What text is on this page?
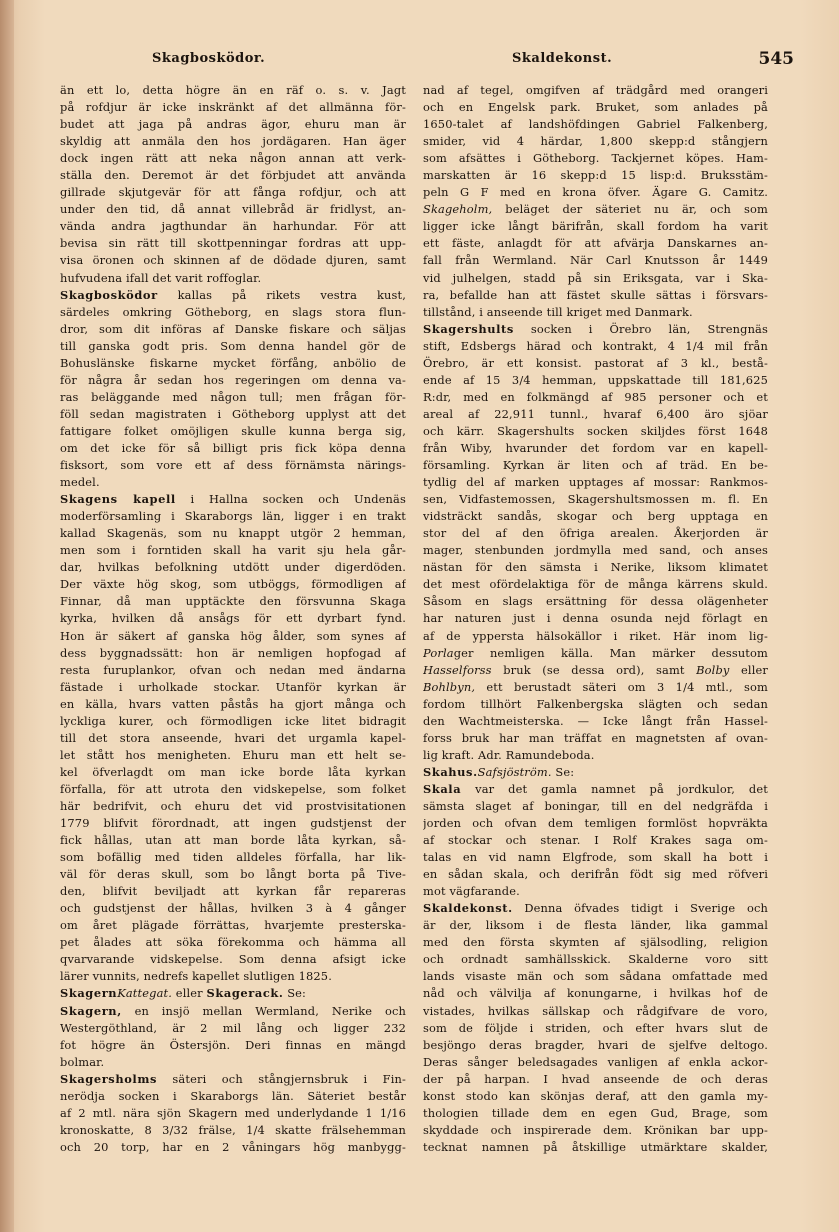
Skagbosködor.	Skaldekonst.	545
än ett lo, detta högre än en räf o. s. v. Jagt
på rofdjur är icke inskränkt af det allmänna för-
budet att jaga på andras ägor, ehuru man är
skyldig att anmäla den hos jordägaren. Han äger
dock ingen rätt att neka någon annan att verk-
ställa den. Deremot är det förbjudet att använda
gillrade skjutgevär för att fånga rofdjur, och att
under den tid, då annat villebråd är fridlyst, an-
vända andra jagthundar än harhundar. För att
bevisa sin rätt till skottpenningar fordras att upp-
visa öronen och skinnen af de dödade djuren, samt
hufvudena ifall det varit roffoglar.
Skagbosködor kallas på rikets vestra kust,
särdeles omkring Götheborg, en slags stora flun-
dror, som dit införas af Danske fiskare och säljas
till ganska godt pris. Som denna handel gör de
Bohuslänske fiskarne mycket förfång, anbölio de
för några år sedan hos regeringen om denna va-
ras beläggande med någon tull; men frågan för-
föll sedan magistraten i Götheborg upplyst att det
fattigare folket omöjligen skulle kunna berga sig,
om det icke för så billigt pris fick köpa denna
fisksort, som vore ett af dess förnämsta närings-
medel.
Skagens kapell i Hallna socken och Undenäs
moderförsamling i Skaraborgs län, ligger i en trakt
kallad Skagenäs, som nu knappt utgör 2 hemman,
men som i forntiden skall ha varit sju hela går-
dar, hvilkas befolkning utdött under digerdöden.
Der växte hög skog, som utböggs, förmodligen af
Finnar, då man upptäckte den försvunna Skaga
kyrka, hvilken då ansågs för ett dyrbart fynd.
Hon är säkert af ganska hög ålder, som synes af
dess byggnadssätt: hon är nemligen hopfogad af
resta furuplankor, ofvan och nedan med ändarna
fästade i urholkade stockar. Utanför kyrkan är
en källa, hvars vatten påstås ha gjort många och
lyckliga kurer, och förmodligen icke litet bidragit
till det stora anseende, hvari det urgamla kapel-
let stått hos menigheten. Ehuru man ett helt se-
kel öfverlagdt om man icke borde låta kyrkan
förfalla, för att utrota den vidskepelse, som folket
här bedrifvit, och ehuru det vid prostvisitationen
1779 blifvit förordnadt, att ingen gudstjenst der
fick hållas, utan att man borde låta kyrkan, så-
som bofällig med tiden alldeles förfalla, har lik-
väl för deras skull, som bo långt borta på Tive-
den, blifvit beviljadt att kyrkan får repareras
och gudstjenst der hållas, hvilken 3 à 4 gånger
om året plägade förrättas, hvarjemte presterska-
pet ålades att söka förekomma och hämma all
qvarvarande vidskepelse. Som denna afsigt icke
lärer vunnits, nedrefs kapellet slutligen 1825.
SkagernKattegat. eller Skagerack. Se:
Skagern, en insjö mellan Wermland, Nerike och
Westergöthland, är 2 mil lång och ligger 232
fot högre än Östersjön. Deri finnas en mängd
bolmar.
Skagersholms säteri och stångjernsbruk i Fin-
nerödja socken i Skaraborgs län. Säteriet består
af 2 mtl. nära sjön Skagern med underlydande 1 1/16
kronoskatte, 8 3/32 frälse, 1/4 skatte frälsehemman
och 20 torp, har en 2 våningars hög manbygg-
nad af tegel, omgifven af trädgård med orangeri
och en Engelsk park. Bruket, som anlades på
1650-talet af landshöfdingen Gabriel Falkenberg,
smider, vid 4 härdar, 1,800 skepp:d stångjern
som afsättes i Götheborg. Tackjernet köpes. Ham-
marskatten är 16 skepp:d 15 lisp:d. Bruksstäm-
peln G F med en krona öfver. Ägare G. Camitz.
Skageholm, beläget der säteriet nu är, och som
ligger icke långt bärifrån, skall fordom ha varit
ett fäste, anlagdt för att afvärja Danskarnes an-
fall från Wermland. När Carl Knutsson år 1449
vid julhelgen, stadd på sin Eriksgata, var i Ska-
ra, befallde han att fästet skulle sättas i försvars-
tillstånd, i anseende till kriget med Danmark.
Skagershults socken i Örebro län, Strengnäs
stift, Edsbergs härad och kontrakt, 4 1/4 mil från
Örebro, är ett konsist. pastorat af 3 kl., bestå-
ende af 15 3/4 hemman, uppskattade till 181,625
R:dr, med en folkmängd af 985 personer och et
areal af 22,911 tunnl., hvaraf 6,400 äro sjöar
och kärr. Skagershults socken skiljdes först 1648
från Wiby, hvarunder det fordom var en kapell-
församling. Kyrkan är liten och af träd. En be-
tydlig del af marken upptages af mossar: Rankmos-
sen, Vidfastemossen, Skagershultsmossen m. fl. En
vidsträckt sandås, skogar och berg upptaga en
stor del af den öfriga arealen. Åkerjorden är
mager, stenbunden jordmylla med sand, och anses
nästan för den sämsta i Nerike, liksom klimatet
det mest ofördelaktiga för de många kärrens skuld.
Såsom en slags ersättning för dessa olägenheter
har naturen just i denna osunda nejd förlagt en
af de yppersta hälsokällor i riket. Här inom lig-
Porlager nemligen källa. Man märker dessutom
Hasselforss bruk (se dessa ord), samt Bolby eller
Bohlbyn, ett berustadt säteri om 3 1/4 mtl., som
fordom tillhört Falkenbergska slägten och sedan
den Wachtmeisterska. — Icke långt från Hassel-
forss bruk har man träffat en magnetsten af ovan-
lig kraft. Adr. Ramundeboda.
Skahus.Safsjöström. Se:
Skala var det gamla namnet på jordkulor, det
sämsta slaget af boningar, till en del nedgräfda i
jorden och ofvan dem temligen formlöst hopvräkta
af stockar och stenar. I Rolf Krakes saga om-
talas en vid namn Elgfrode, som skall ha bott i
en sådan skala, och derifrån födt sig med röfveri
mot vägfarande.
Skaldekonst. Denna öfvades tidigt i Sverige och
är der, liksom i de flesta länder, lika gammal
med den första skymten af själsodling, religion
och ordnadt samhällsskick. Skalderne voro sitt
lands visaste män och som sådana omfattade med
nåd och välvilja af konungarne, i hvilkas hof de
vistades, hvilkas sällskap och rådgifvare de voro,
som de följde i striden, och efter hvars slut de
besjöngo deras bragder, hvari de sjelfve deltogo.
Deras sånger beledsagades vanligen af enkla ackor-
der på harpan. I hvad anseende de och deras
konst stodo kan skönjas deraf, att den gamla my-
thologien tillade dem en egen Gud, Brage, som
skyddade och inspirerade dem. Krönikan bar upp-
tecknat namnen på åtskillige utmärktare skalder,
